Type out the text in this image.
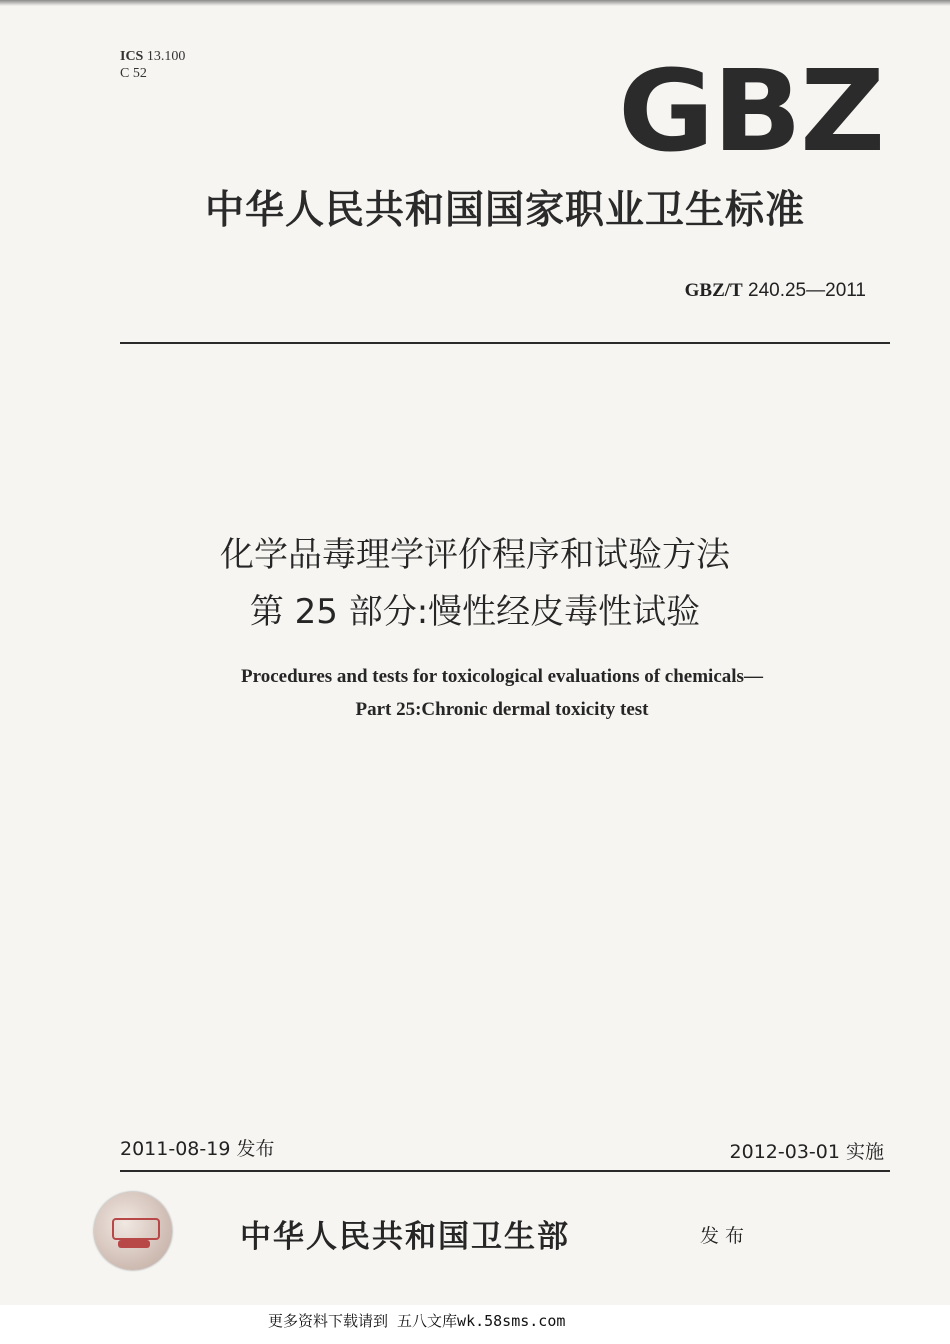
ICS 13.100
C 52	GBZ
中华人民共和国国家职业卫生标准
GBZ/T 240.25—2011
化学品毒理学评价程序和试验方法
第 25 部分:慢性经皮毒性试验
Procedures and tests for toxicological evaluations of chemicals—
Part 25:Chronic dermal toxicity test
2011-08-19 发布	2012-03-01 实施
中华人民共和国卫生部	发布
更多资料下载请到 五八文库wk.58sms.com
